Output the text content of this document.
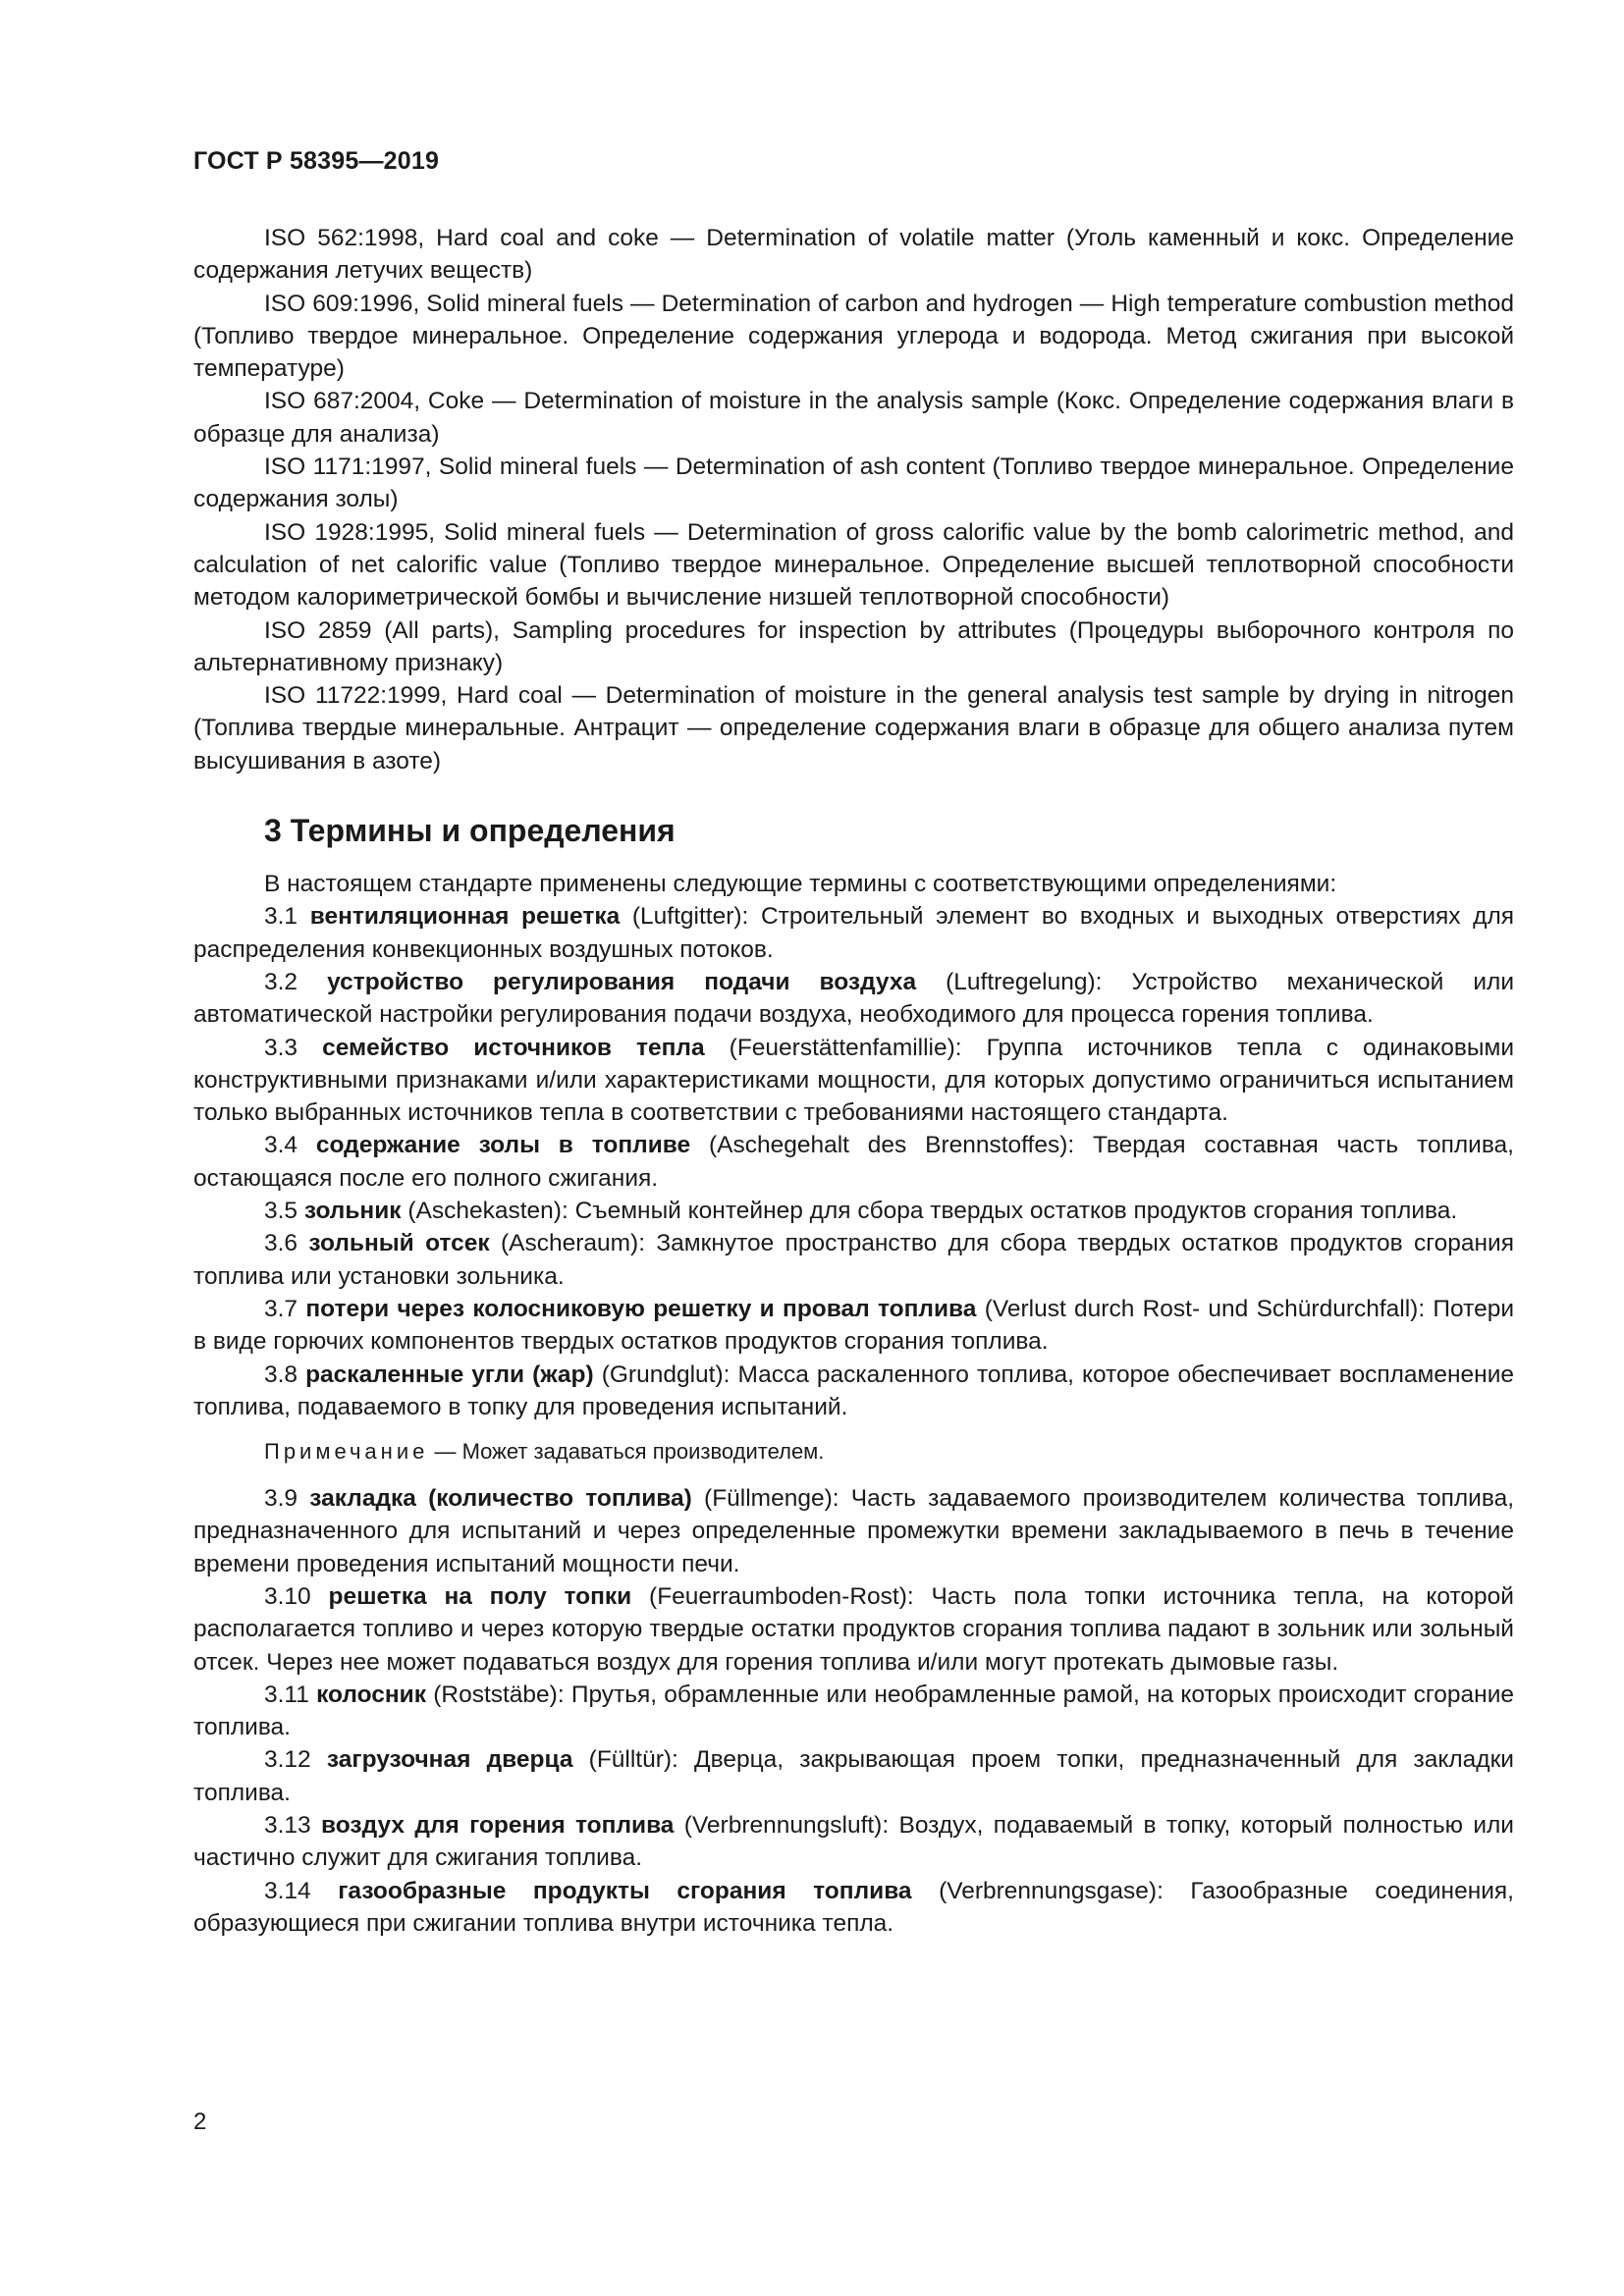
ГОСТ Р 58395—2019

ISO 562:1998, Hard coal and coke — Determination of volatile matter (Уголь каменный и кокс. Определение содержания летучих веществ)

ISO 609:1996, Solid mineral fuels — Determination of carbon and hydrogen — High temperature combustion method (Топливо твердое минеральное. Определение содержания углерода и водорода. Метод сжигания при высокой температуре)

ISO 687:2004, Coke — Determination of moisture in the analysis sample (Кокс. Определение содержания влаги в образце для анализа)

ISO 1171:1997, Solid mineral fuels — Determination of ash content (Топливо твердое минеральное. Определение содержания золы)

ISO 1928:1995, Solid mineral fuels — Determination of gross calorific value by the bomb calorimetric method, and calculation of net calorific value (Топливо твердое минеральное. Определение высшей теплотворной способности методом калориметрической бомбы и вычисление низшей теплотворной способности)

ISO 2859 (All parts), Sampling procedures for inspection by attributes (Процедуры выборочного контроля по альтернативному признаку)

ISO 11722:1999, Hard coal — Determination of moisture in the general analysis test sample by drying in nitrogen (Топлива твердые минеральные. Антрацит — определение содержания влаги в образце для общего анализа путем высушивания в азоте)

3 Термины и определения

В настоящем стандарте применены следующие термины с соответствующими определениями:

3.1 вентиляционная решетка (Luftgitter): Строительный элемент во входных и выходных отверстиях для распределения конвекционных воздушных потоков.

3.2 устройство регулирования подачи воздуха (Luftregelung): Устройство механической или автоматической настройки регулирования подачи воздуха, необходимого для процесса горения топлива.

3.3 семейство источников тепла (Feuerstättenfamillie): Группа источников тепла с одинаковыми конструктивными признаками и/или характеристиками мощности, для которых допустимо ограничиться испытанием только выбранных источников тепла в соответствии с требованиями настоящего стандарта.

3.4 содержание золы в топливе (Aschegehalt des Brennstoffes): Твердая составная часть топлива, остающаяся после его полного сжигания.

3.5 зольник (Aschekasten): Съемный контейнер для сбора твердых остатков продуктов сгорания топлива.

3.6 зольный отсек (Ascheraum): Замкнутое пространство для сбора твердых остатков продуктов сгорания топлива или установки зольника.

3.7 потери через колосниковую решетку и провал топлива (Verlust durch Rost- und Schürdurchfall): Потери в виде горючих компонентов твердых остатков продуктов сгорания топлива.

3.8 раскаленные угли (жар) (Grundglut): Масса раскаленного топлива, которое обеспечивает воспламенение топлива, подаваемого в топку для проведения испытаний.

Примечание — Может задаваться производителем.

3.9 закладка (количество топлива) (Füllmenge): Часть задаваемого производителем количества топлива, предназначенного для испытаний и через определенные промежутки времени закладываемого в печь в течение времени проведения испытаний мощности печи.

3.10 решетка на полу топки (Feuerraumboden-Rost): Часть пола топки источника тепла, на которой располагается топливо и через которую твердые остатки продуктов сгорания топлива падают в зольник или зольный отсек. Через нее может подаваться воздух для горения топлива и/или могут протекать дымовые газы.

3.11 колосник (Roststäbe): Прутья, обрамленные или необрамленные рамой, на которых происходит сгорание топлива.

3.12 загрузочная дверца (Fülltür): Дверца, закрывающая проем топки, предназначенный для закладки топлива.

3.13 воздух для горения топлива (Verbrennungsluft): Воздух, подаваемый в топку, который полностью или частично служит для сжигания топлива.

3.14 газообразные продукты сгорания топлива (Verbrennungsgase): Газообразные соединения, образующиеся при сжигании топлива внутри источника тепла.

2
